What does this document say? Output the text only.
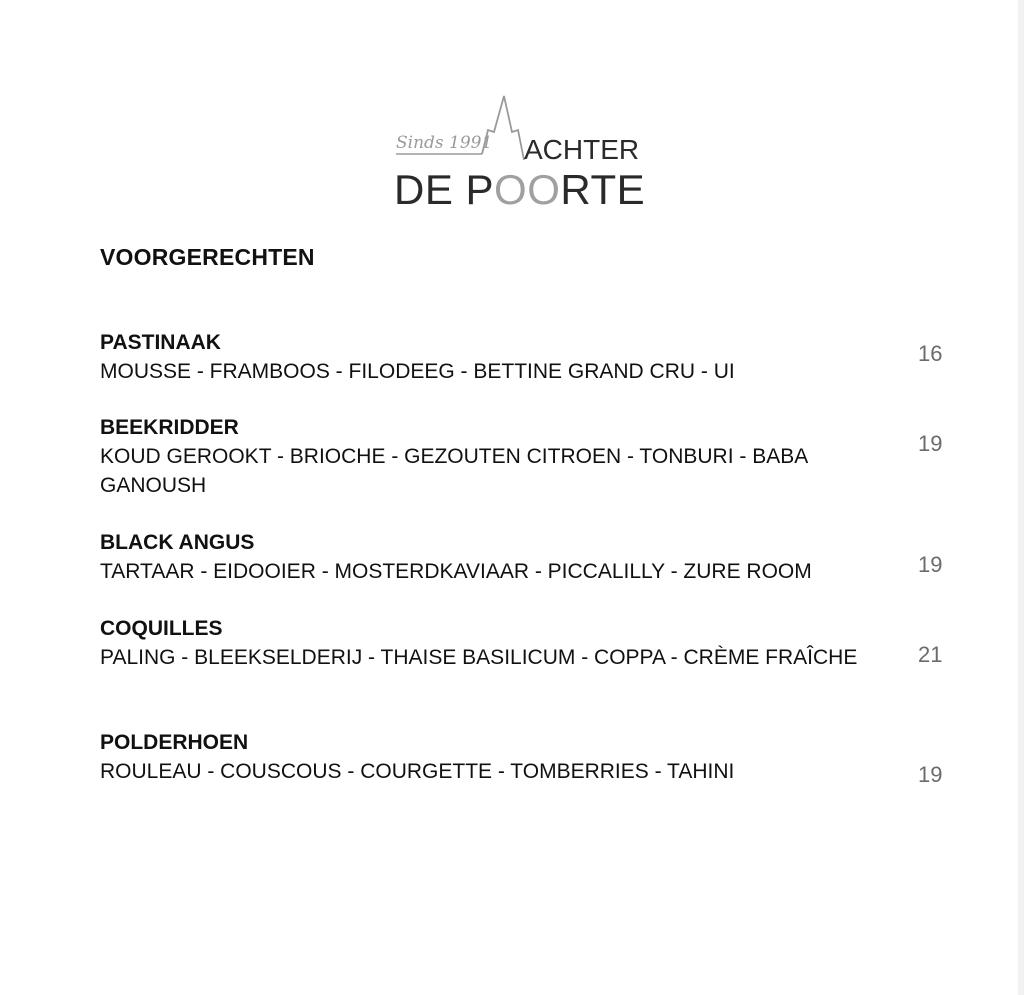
Sinds 1991 ACHTER
DE POORTE
VOORGERECHTEN
PASTINAAK
MOUSSE - FRAMBOOS - FILODEEG - BETTINE GRAND CRU - UI
16
BEEKRIDDER
KOUD GEROOKT - BRIOCHE - GEZOUTEN CITROEN - TONBURI - BABA GANOUSH
19
BLACK ANGUS
TARTAAR - EIDOOIER - MOSTERDKAVIAAR - PICCALILLY - ZURE ROOM	19
COQUILLES
PALING - BLEEKSELDERIJ - THAISE BASILICUM - COPPA - CRÈME FRAÎCHE	21
POLDERHOEN
ROULEAU - COUSCOUS - COURGETTE - TOMBERRIES - TAHINI	19
